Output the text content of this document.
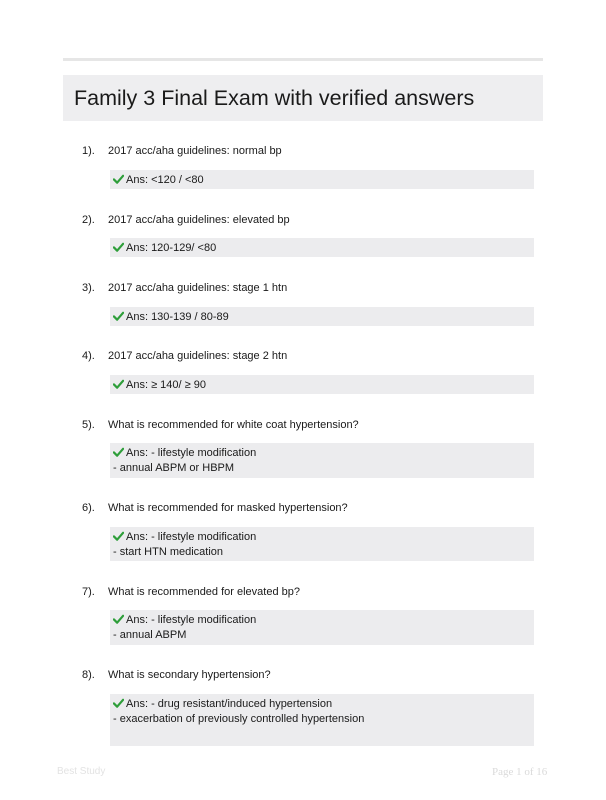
Family 3 Final Exam with verified answers
1). 2017 acc/aha guidelines: normal bp
Ans: <120 / <80
2). 2017 acc/aha guidelines: elevated bp
Ans: 120-129/ <80
3). 2017 acc/aha guidelines: stage 1 htn
Ans: 130-139 / 80-89
4). 2017 acc/aha guidelines: stage 2 htn
Ans: ≥ 140/ ≥ 90
5). What is recommended for white coat hypertension?
Ans: - lifestyle modification
- annual ABPM or HBPM
6). What is recommended for masked hypertension?
Ans: - lifestyle modification
- start HTN medication
7). What is recommended for elevated bp?
Ans: - lifestyle modification
- annual ABPM
8). What is secondary hypertension?
Ans: - drug resistant/induced hypertension
- exacerbation of previously controlled hypertension
Best Study	Page 1 of 16
